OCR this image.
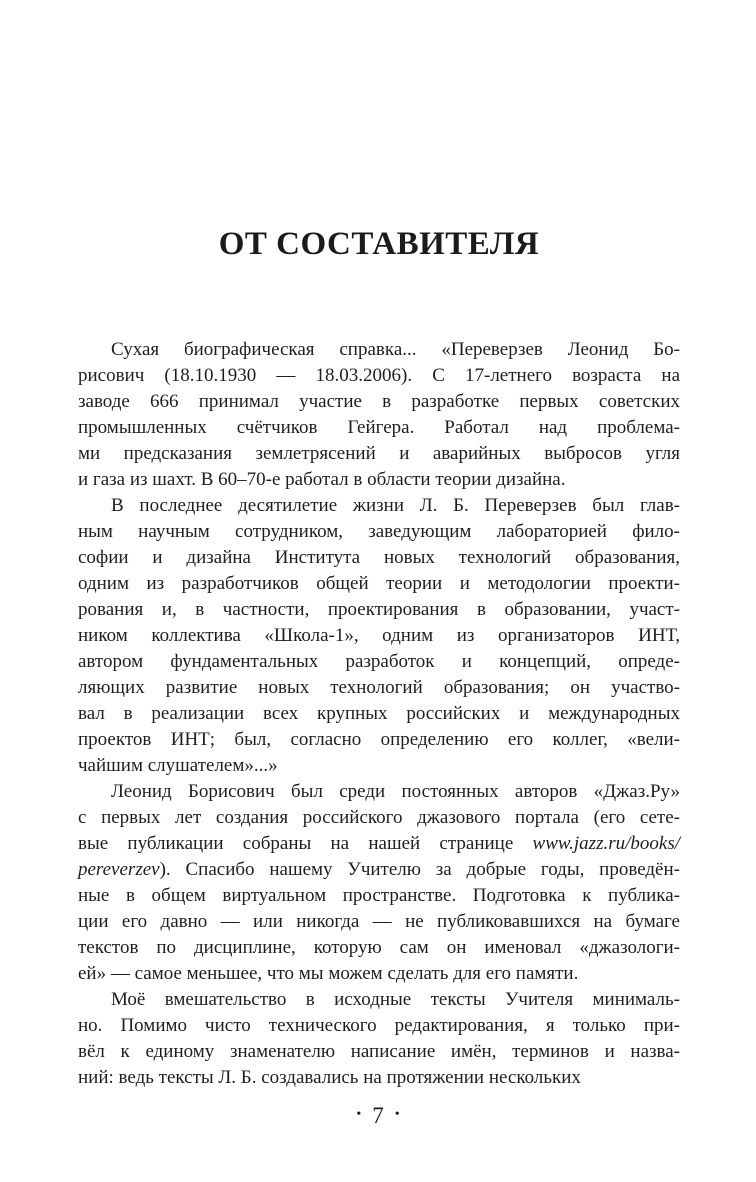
ОТ СОСТАВИТЕЛЯ
Сухая биографическая справка... «Переверзев Леонид Бо-
рисович (18.10.1930 — 18.03.2006). С 17-летнего возраста на
заводе 666 принимал участие в разработке первых советских
промышленных счётчиков Гейгера. Работал над проблема-
ми предсказания землетрясений и аварийных выбросов угля
и газа из шахт. В 60–70-е работал в области теории дизайна.
В последнее десятилетие жизни Л. Б. Переверзев был глав-
ным научным сотрудником, заведующим лабораторией фило-
софии и дизайна Института новых технологий образования,
одним из разработчиков общей теории и методологии проекти-
рования и, в частности, проектирования в образовании, участ-
ником коллектива «Школа-1», одним из организаторов ИНТ,
автором фундаментальных разработок и концепций, опреде-
ляющих развитие новых технологий образования; он участво-
вал в реализации всех крупных российских и международных
проектов ИНТ; был, согласно определению его коллег, «вели-
чайшим слушателем»...»
Леонид Борисович был среди постоянных авторов «Джаз.Ру»
с первых лет создания российского джазового портала (его сете-
вые публикации собраны на нашей странице www.jazz.ru/books/
pereverzev). Спасибо нашему Учителю за добрые годы, проведён-
ные в общем виртуальном пространстве. Подготовка к публика-
ции его давно — или никогда — не публиковавшихся на бумаге
текстов по дисциплине, которую сам он именовал «джазологи-
ей» — самое меньшее, что мы можем сделать для его памяти.
Моё вмешательство в исходные тексты Учителя минималь-
но. Помимо чисто технического редактирования, я только при-
вёл к единому знаменателю написание имён, терминов и назва-
ний: ведь тексты Л. Б. создавались на протяжении нескольких
• 7 •
